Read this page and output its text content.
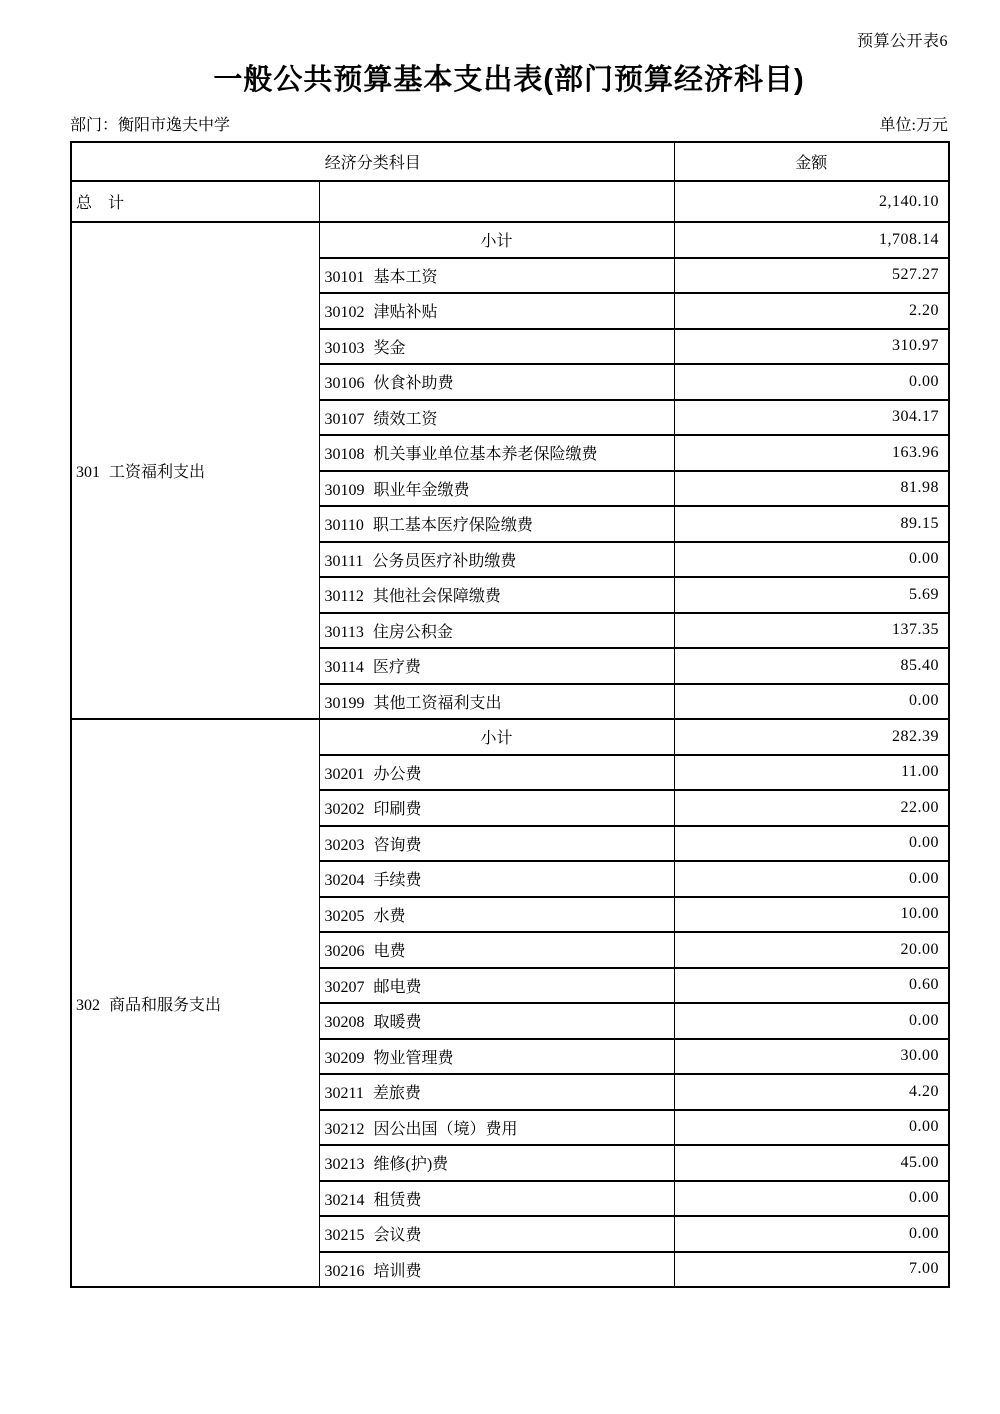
预算公开表6
一般公共预算基本支出表(部门预算经济科目)
部门：衡阳市逸夫中学	单位:万元
经济分类科目		金额
总　计		2,140.10
301 工资福利支出	小计	1,708.14
	30101 基本工资	527.27
	30102 津贴补贴	2.20
	30103 奖金	310.97
	30106 伙食补助费	0.00
	30107 绩效工资	304.17
	30108 机关事业单位基本养老保险缴费	163.96
	30109 职业年金缴费	81.98
	30110 职工基本医疗保险缴费	89.15
	30111 公务员医疗补助缴费	0.00
	30112 其他社会保障缴费	5.69
	30113 住房公积金	137.35
	30114 医疗费	85.40
	30199 其他工资福利支出	0.00
302 商品和服务支出	小计	282.39
	30201 办公费	11.00
	30202 印刷费	22.00
	30203 咨询费	0.00
	30204 手续费	0.00
	30205 水费	10.00
	30206 电费	20.00
	30207 邮电费	0.60
	30208 取暖费	0.00
	30209 物业管理费	30.00
	30211 差旅费	4.20
	30212 因公出国（境）费用	0.00
	30213 维修(护)费	45.00
	30214 租赁费	0.00
	30215 会议费	0.00
	30216 培训费	7.00
